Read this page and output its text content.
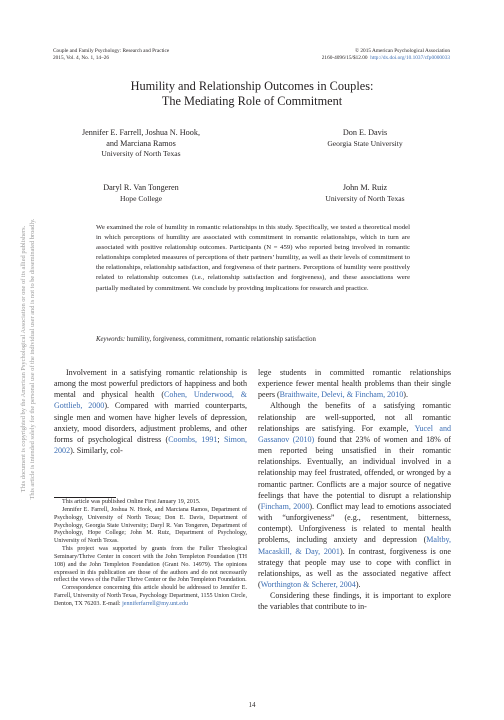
Couple and Family Psychology: Research and Practice
2015, Vol. 4, No. 1, 14–26
© 2015 American Psychological Association
2160-4096/15/$12.00 http://dx.doi.org/10.1037/cfp0000033
Humility and Relationship Outcomes in Couples:
The Mediating Role of Commitment
Jennifer E. Farrell, Joshua N. Hook,
and Marciana Ramos
University of North Texas
Don E. Davis
Georgia State University
Daryl R. Van Tongeren
Hope College
John M. Ruiz
University of North Texas
We examined the role of humility in romantic relationships in this study. Specifically, we tested a theoretical model in which perceptions of humility are associated with commitment in romantic relationships, which in turn are associated with positive relationship outcomes. Participants (N = 459) who reported being involved in romantic relationships completed measures of perceptions of their partners’ humility, as well as their levels of commitment to the relationships, relationship satisfaction, and forgiveness of their partners. Perceptions of humility were positively related to relationship outcomes (i.e., relationship satisfaction and forgiveness), and these associations were partially mediated by commitment. We conclude by providing implications for research and practice.
Keywords: humility, forgiveness, commitment, romantic relationship satisfaction
This document is copyrighted by the American Psychological Association or one of its allied publishers. This article is intended solely for the personal use of the individual user and is not to be disseminated broadly.	Involvement in a satisfying romantic relationship is among the most powerful predictors of happiness and both mental and physical health (Cohen, Underwood, & Gottlieb, 2000). Compared with married counterparts, single men and women have higher levels of depression, anxiety, mood disorders, adjustment problems, and other forms of psychological distress (Coombs, 1991; Simon, 2002). Similarly, col-

This article was published Online First January 19, 2015.

Jennifer E. Farrell, Joshua N. Hook, and Marciana Ramos, Department of Psychology, University of North Texas; Don E. Davis, Department of Psychology, Georgia State University; Daryl R. Van Tongeren, Department of Psychology, Hope College; John M. Ruiz, Department of Psychology, University of North Texas.

This project was supported by grants from the Fuller Theological Seminary/Thrive Center in concert with the John Templeton Foundation (TH 108) and the John Templeton Foundation (Grant No. 14979). The opinions expressed in this publication are those of the authors and do not necessarily reflect the views of the Fuller Thrive Center or the John Templeton Foundation.

Correspondence concerning this article should be addressed to Jennifer E. Farrell, University of North Texas, Psychology Department, 1155 Union Circle, Denton, TX 76203. E-mail: jenniferfarrell@my.unt.edu

lege students in committed romantic relationships experience fewer mental health problems than their single peers (Braithwaite, Delevi, & Fincham, 2010).

Although the benefits of a satisfying romantic relationship are well-supported, not all romantic relationships are satisfying. For example, Yucel and Gassanov (2010) found that 23% of women and 18% of men reported being unsatisfied in their romantic relationships. Eventually, an individual involved in a relationship may feel frustrated, offended, or wronged by a romantic partner. Conflicts are a major source of negative feelings that have the potential to disrupt a relationship (Fincham, 2000). Conflict may lead to emotions associated with “unforgiveness” (e.g., resentment, bitterness, contempt). Unforgiveness is related to mental health problems, including anxiety and depression (Maltby, Macaskill, & Day, 2001). In contrast, forgiveness is one strategy that people may use to cope with conflict in relationships, as well as the associated negative affect (Worthington & Scherer, 2004).

Considering these findings, it is important to explore the variables that contribute to in-

14
